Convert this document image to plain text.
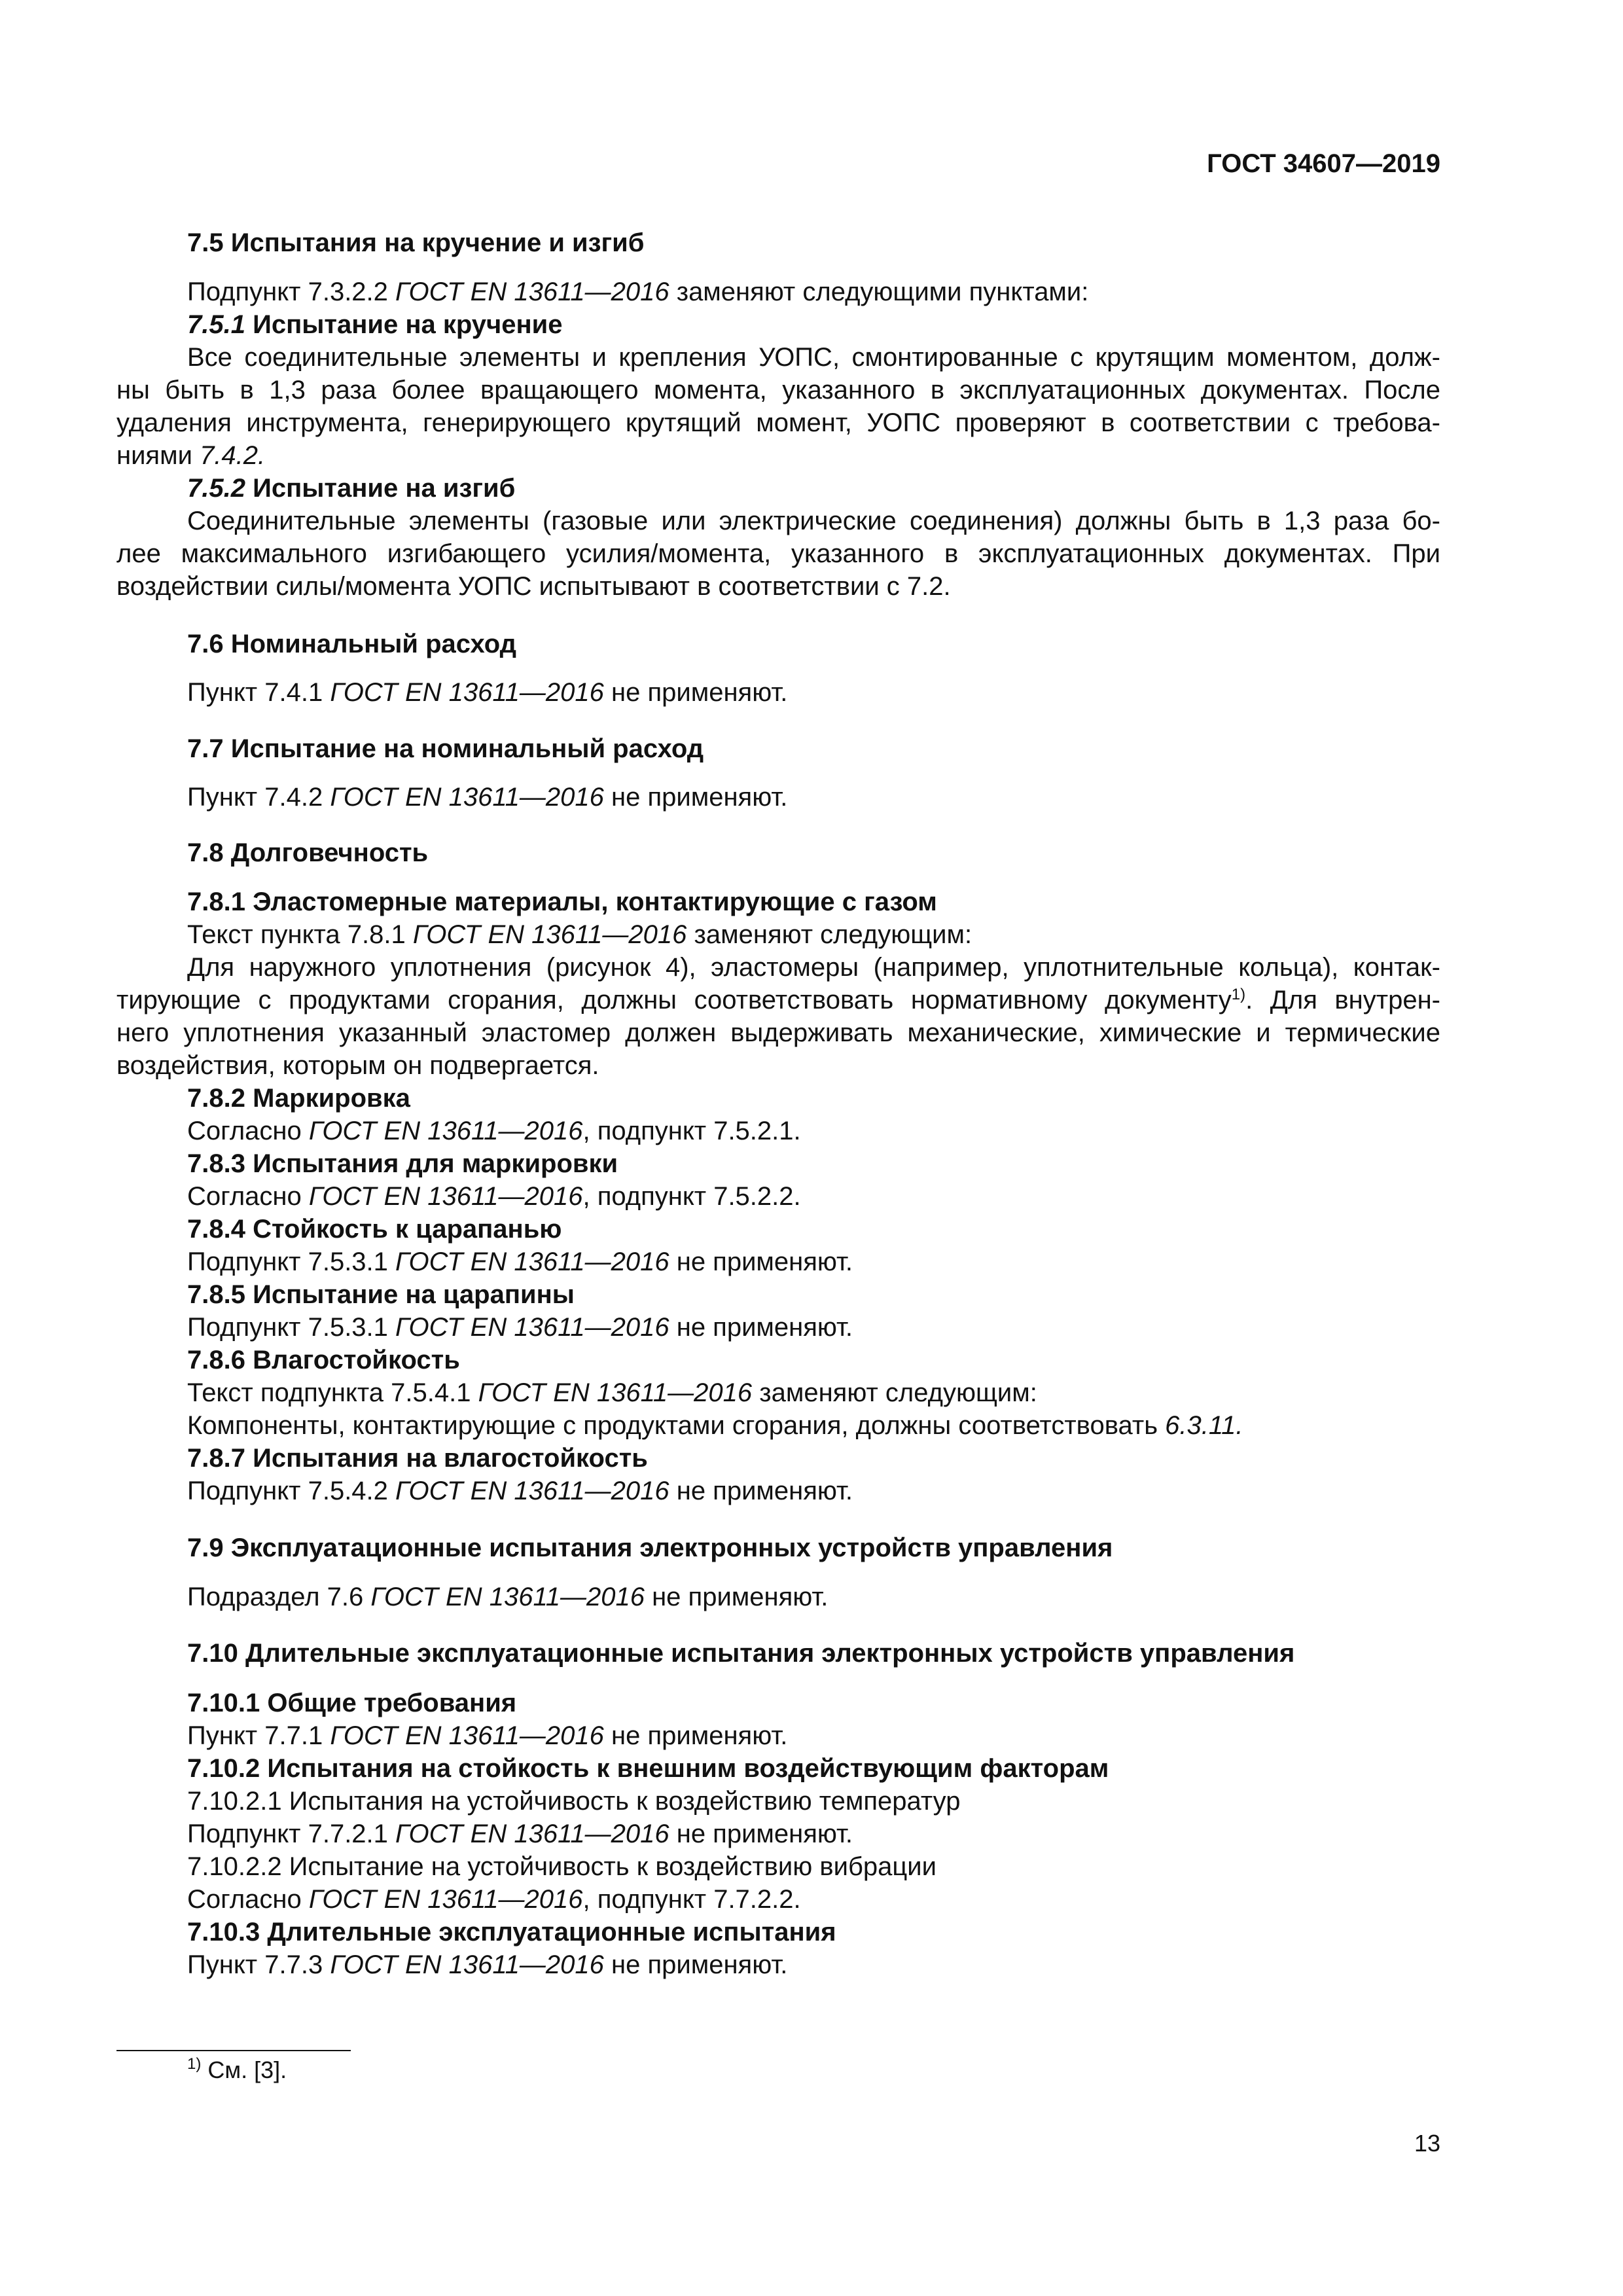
ГОСТ 34607—2019
7.5 Испытания на кручение и изгиб
Подпункт 7.3.2.2 ГОСТ EN 13611—2016 заменяют следующими пунктами:
7.5.1 Испытание на кручение
Все соединительные элементы и крепления УОПС, смонтированные с крутящим моментом, долж-
ны быть в 1,3 раза более вращающего момента, указанного в эксплуатационных документах. После
удаления инструмента, генерирующего крутящий момент, УОПС проверяют в соответствии с требова-
ниями 7.4.2.
7.5.2 Испытание на изгиб
Соединительные элементы (газовые или электрические соединения) должны быть в 1,3 раза бо-
лее максимального изгибающего усилия/момента, указанного в эксплуатационных документах. При
воздействии силы/момента УОПС испытывают в соответствии с 7.2.
7.6 Номинальный расход
Пункт 7.4.1 ГОСТ EN 13611—2016 не применяют.
7.7 Испытание на номинальный расход
Пункт 7.4.2 ГОСТ EN 13611—2016 не применяют.
7.8 Долговечность
7.8.1 Эластомерные материалы, контактирующие с газом
Текст пункта 7.8.1 ГОСТ EN 13611—2016 заменяют следующим:
Для наружного уплотнения (рисунок 4), эластомеры (например, уплотнительные кольца), контак-
тирующие с продуктами сгорания, должны соответствовать нормативному документу$^{1)}$. Для внутрен-
него уплотнения указанный эластомер должен выдерживать механические, химические и термические
воздействия, которым он подвергается.
7.8.2 Маркировка
Согласно ГОСТ EN 13611—2016, подпункт 7.5.2.1.
7.8.3 Испытания для маркировки
Согласно ГОСТ EN 13611—2016, подпункт 7.5.2.2.
7.8.4 Стойкость к царапанью
Подпункт 7.5.3.1 ГОСТ EN 13611—2016 не применяют.
7.8.5 Испытание на царапины
Подпункт 7.5.3.1 ГОСТ EN 13611—2016 не применяют.
7.8.6 Влагостойкость
Текст подпункта 7.5.4.1 ГОСТ EN 13611—2016 заменяют следующим:
Компоненты, контактирующие с продуктами сгорания, должны соответствовать 6.3.11.
7.8.7 Испытания на влагостойкость
Подпункт 7.5.4.2 ГОСТ EN 13611—2016 не применяют.
7.9 Эксплуатационные испытания электронных устройств управления
Подраздел 7.6 ГОСТ EN 13611—2016 не применяют.
7.10 Длительные эксплуатационные испытания электронных устройств управления
7.10.1 Общие требования
Пункт 7.7.1 ГОСТ EN 13611—2016 не применяют.
7.10.2 Испытания на стойкость к внешним воздействующим факторам
7.10.2.1 Испытания на устойчивость к воздействию температур
Подпункт 7.7.2.1 ГОСТ EN 13611—2016 не применяют.
7.10.2.2 Испытание на устойчивость к воздействию вибрации
Согласно ГОСТ EN 13611—2016, подпункт 7.7.2.2.
7.10.3 Длительные эксплуатационные испытания
Пункт 7.7.3 ГОСТ EN 13611—2016 не применяют.
$^{1)}$ См. [3].
13
